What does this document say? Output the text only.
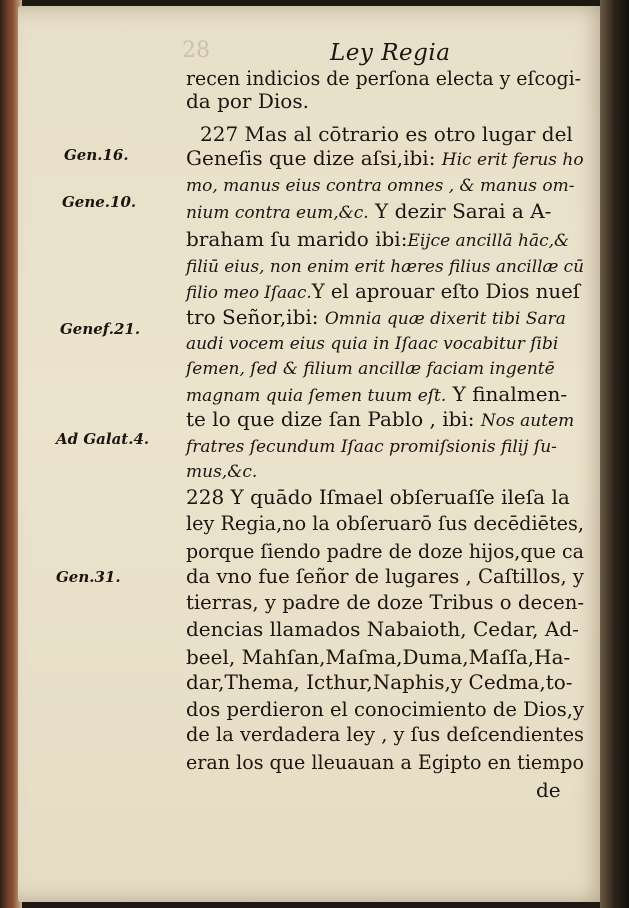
28	Ley Regia
Gen.16.
Gene.10.
Genef.21.
Ad Galat.4.
Gen.31.
recen indicios de perſona electa y eſcogi-
da por Dios.
227 Mas al cōtrario es otro lugar del
Geneſis que dize aſsi,ibi: Hic erit ferus ho
mo, manus eius contra omnes , & manus om-
nium contra eum,&c. Y dezir Sarai a A-
braham ſu marido ibi:Eijce ancillā hāc,&
filiū eius, non enim erit hæres filius ancillæ cū
filio meo Iſaac.Y el aprouar eſto Dios nueſ
tro Señor,ibi: Omnia quæ dixerit tibi Sara
audi vocem eius quia in Iſaac vocabitur ſibi
ſemen, ſed & filium ancillæ faciam ingentē
magnam quia ſemen tuum eſt. Y finalmen-
te lo que dize ſan Pablo , ibi: Nos autem
fratres ſecundum Iſaac promiſsionis filij ſu-
mus,&c.
228 Y quādo Iſmael obſeruaſſe ileſa la
ley Regia,no la obſeruarō ſus decēdiētes,
porque ſiendo padre de doze hijos,que ca
da vno fue ſeñor de lugares , Caſtillos, y
tierras, y padre de doze Tribus o decen-
dencias llamados Nabaioth, Cedar, Ad-
beel, Mahſan,Maſma,Duma,Maſſa,Ha-
dar,Thema, Icthur,Naphis,y Cedma,to-
dos perdieron el conocimiento de Dios,y
de la verdadera ley , y ſus deſcendientes
eran los que lleuauan a Egipto en tiempo
de
